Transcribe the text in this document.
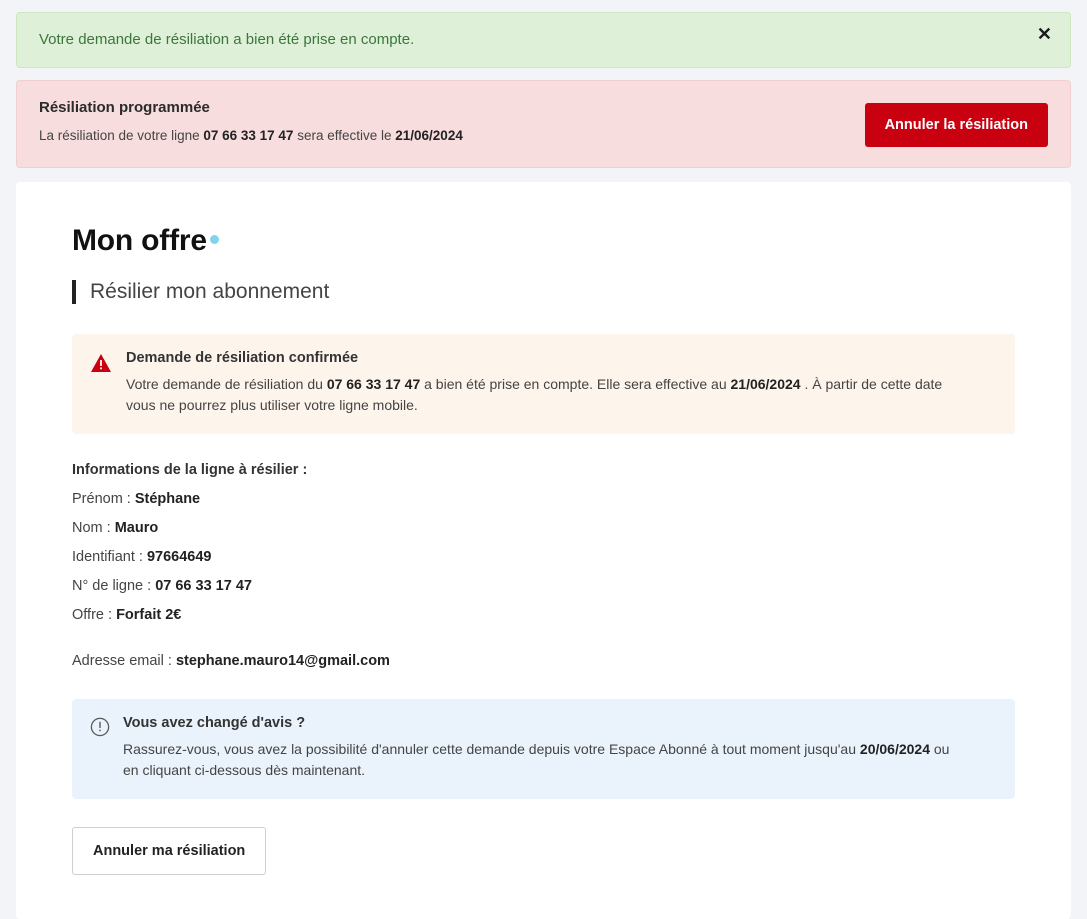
Votre demande de résiliation a bien été prise en compte.	✕
Résiliation programmée
La résiliation de votre ligne 07 66 33 17 47 sera effective le 21/06/2024
Annuler la résiliation
Mon offre
Résilier mon abonnement
Demande de résiliation confirmée
Votre demande de résiliation du 07 66 33 17 47 a bien été prise en compte. Elle sera effective au 21/06/2024 . À partir de cette date vous ne pourrez plus utiliser votre ligne mobile.
Informations de la ligne à résilier :
Prénom : Stéphane
Nom : Mauro
Identifiant : 97664649
N° de ligne : 07 66 33 17 47
Offre : Forfait 2€
Adresse email : stephane.mauro14@gmail.com
Vous avez changé d'avis ?
Rassurez-vous, vous avez la possibilité d'annuler cette demande depuis votre Espace Abonné à tout moment jusqu'au 20/06/2024 ou en cliquant ci-dessous dès maintenant.
Annuler ma résiliation
